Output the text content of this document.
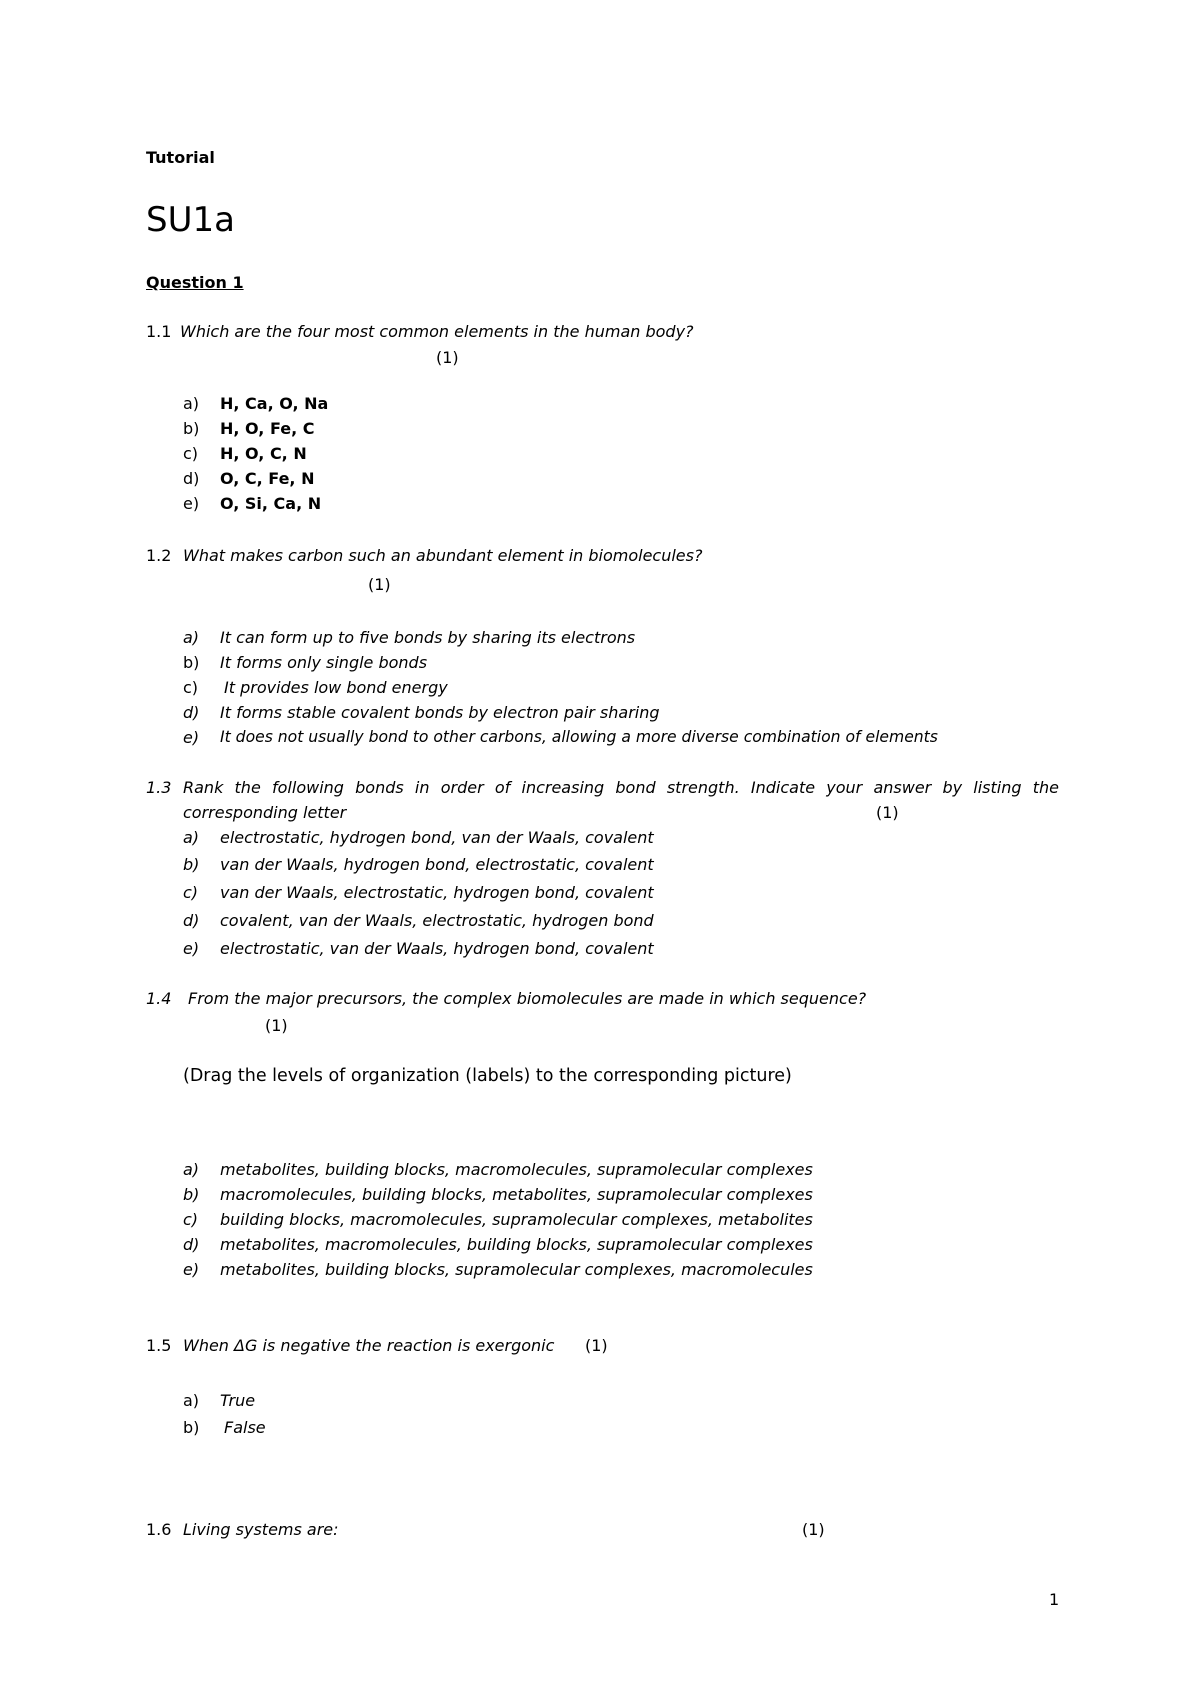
Tutorial
SU1a
Question 1
1.1 Which are the four most common elements in the human body?
(1)
a) H, Ca, O, Na
b) H, O, Fe, C
c) H, O, C, N
d) O, C, Fe, N
e) O, Si, Ca, N
1.2 What makes carbon such an abundant element in biomolecules?
(1)
a) It can form up to five bonds by sharing its electrons
b) It forms only single bonds
c) It provides low bond energy
d) It forms stable covalent bonds by electron pair sharing
e) It does not usually bond to other carbons, allowing a more diverse combination of elements
1.3 Rank the following bonds in order of increasing bond strength. Indicate your answer by listing the
corresponding letter	(1)
a) electrostatic, hydrogen bond, van der Waals, covalent
b) van der Waals, hydrogen bond, electrostatic, covalent
c) van der Waals, electrostatic, hydrogen bond, covalent
d) covalent, van der Waals, electrostatic, hydrogen bond
e) electrostatic, van der Waals, hydrogen bond, covalent
1.4 From the major precursors, the complex biomolecules are made in which sequence?
(1)
(Drag the levels of organization (labels) to the corresponding picture)
a) metabolites, building blocks, macromolecules, supramolecular complexes
b) macromolecules, building blocks, metabolites, supramolecular complexes
c) building blocks, macromolecules, supramolecular complexes, metabolites
d) metabolites, macromolecules, building blocks, supramolecular complexes
e) metabolites, building blocks, supramolecular complexes, macromolecules
1.5 When ΔG is negative the reaction is exergonic (1)
a) True
b) False
1.6 Living systems are:	(1)
1
